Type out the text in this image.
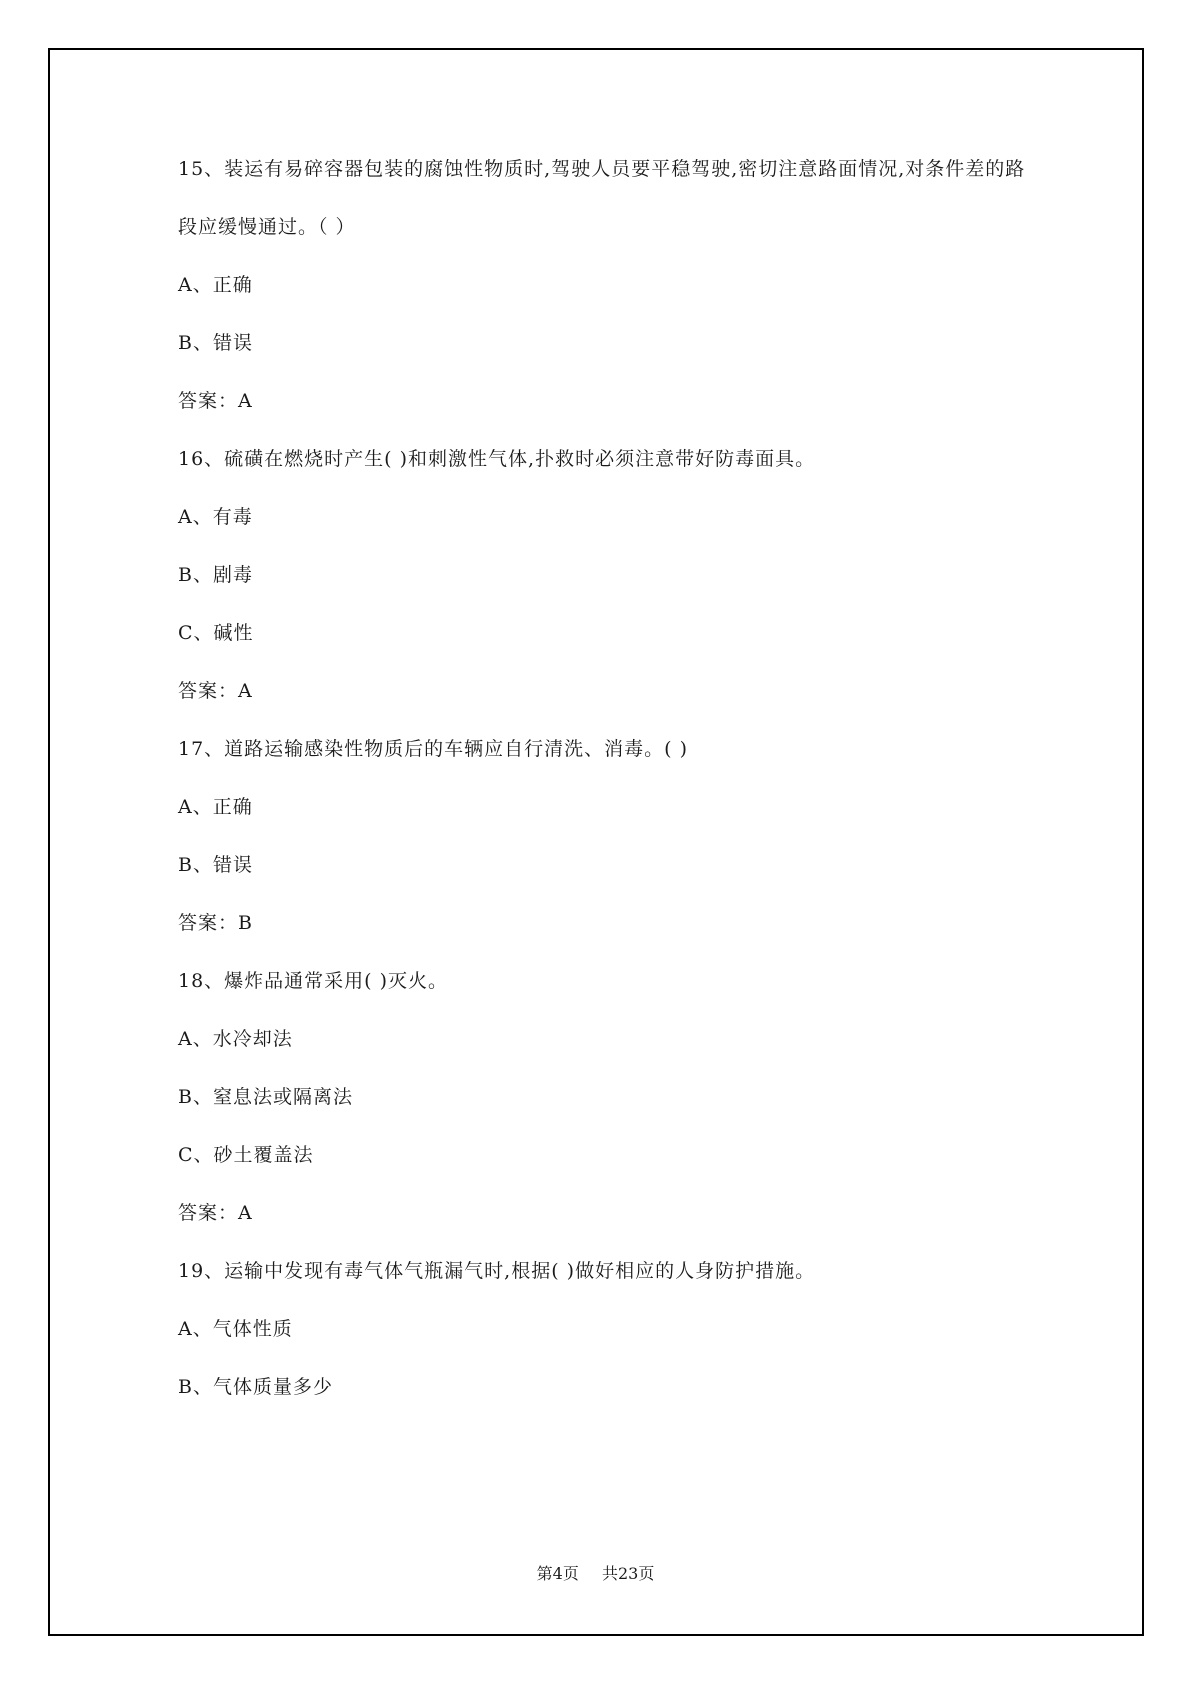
15、装运有易碎容器包装的腐蚀性物质时,驾驶人员要平稳驾驶,密切注意路面情况,对条件差的路
段应缓慢通过。（ ）
A、正确
B、错误
答案：A
16、硫磺在燃烧时产生( )和刺激性气体,扑救时必须注意带好防毒面具。
A、有毒
B、剧毒
C、碱性
答案：A
17、道路运输感染性物质后的车辆应自行清洗、消毒。( )
A、正确
B、错误
答案：B
18、爆炸品通常采用( )灭火。
A、水冷却法
B、窒息法或隔离法
C、砂土覆盖法
答案：A
19、运输中发现有毒气体气瓶漏气时,根据( )做好相应的人身防护措施。
A、气体性质
B、气体质量多少
第4页 共23页
